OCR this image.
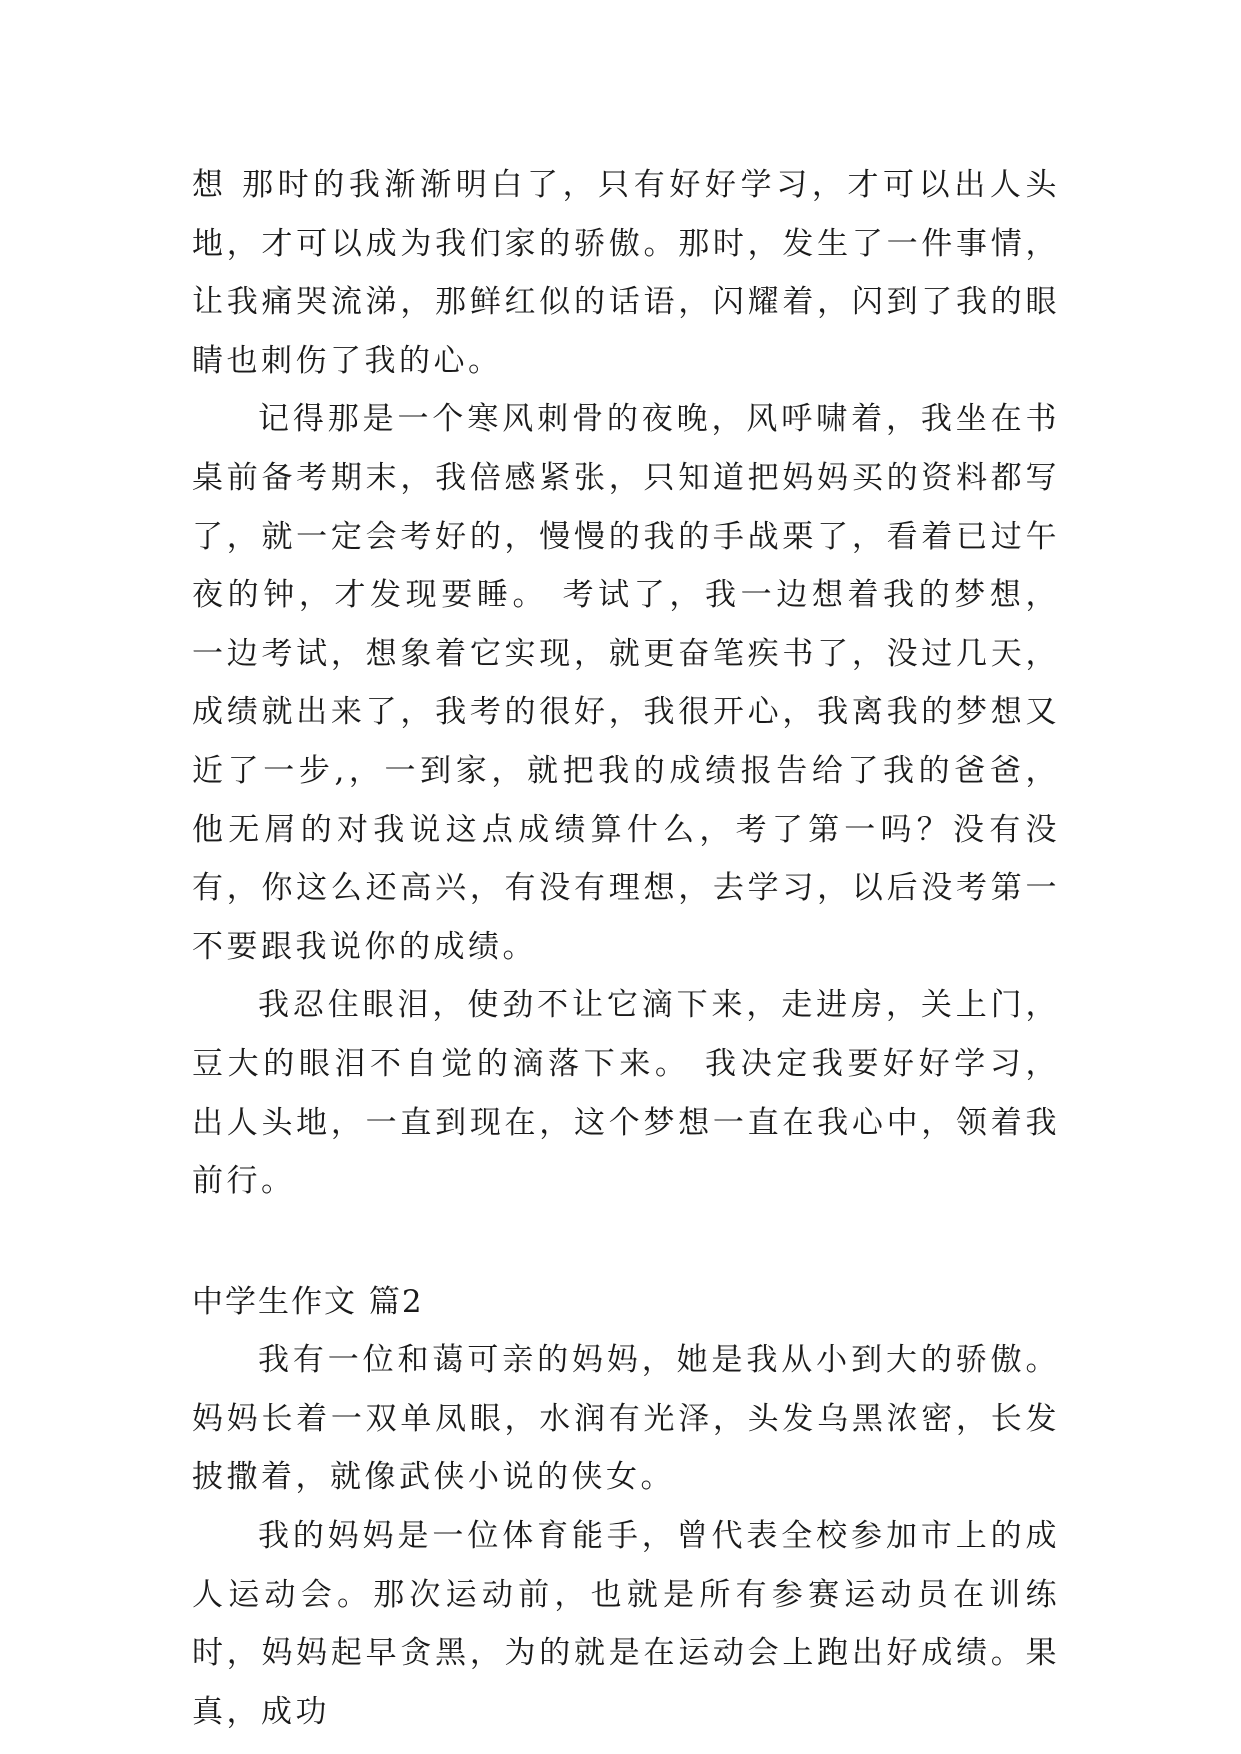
想 那时的我渐渐明白了，只有好好学习，才可以出人头地，才可以成为我们家的骄傲。那时，发生了一件事情，让我痛哭流涕，那鲜红似的话语，闪耀着，闪到了我的眼睛也刺伤了我的心。

记得那是一个寒风刺骨的夜晚，风呼啸着，我坐在书桌前备考期末，我倍感紧张，只知道把妈妈买的资料都写了，就一定会考好的，慢慢的我的手战栗了，看着已过午夜的钟，才发现要睡。 考试了，我一边想着我的梦想，一边考试，想象着它实现，就更奋笔疾书了，没过几天，成绩就出来了，我考的很好，我很开心，我离我的梦想又近了一步,，一到家，就把我的成绩报告给了我的爸爸，他无屑的对我说这点成绩算什么，考了第一吗？没有没有，你这么还高兴，有没有理想，去学习，以后没考第一不要跟我说你的成绩。

我忍住眼泪，使劲不让它滴下来，走进房，关上门，豆大的眼泪不自觉的滴落下来。 我决定我要好好学习，出人头地，一直到现在，这个梦想一直在我心中，领着我前行。

中学生作文 篇2

我有一位和蔼可亲的妈妈，她是我从小到大的骄傲。妈妈长着一双单凤眼，水润有光泽，头发乌黑浓密，长发披撒着，就像武侠小说的侠女。

我的妈妈是一位体育能手，曾代表全校参加市上的成人运动会。那次运动前，也就是所有参赛运动员在训练时，妈妈起早贪黑，为的就是在运动会上跑出好成绩。果真，成功
